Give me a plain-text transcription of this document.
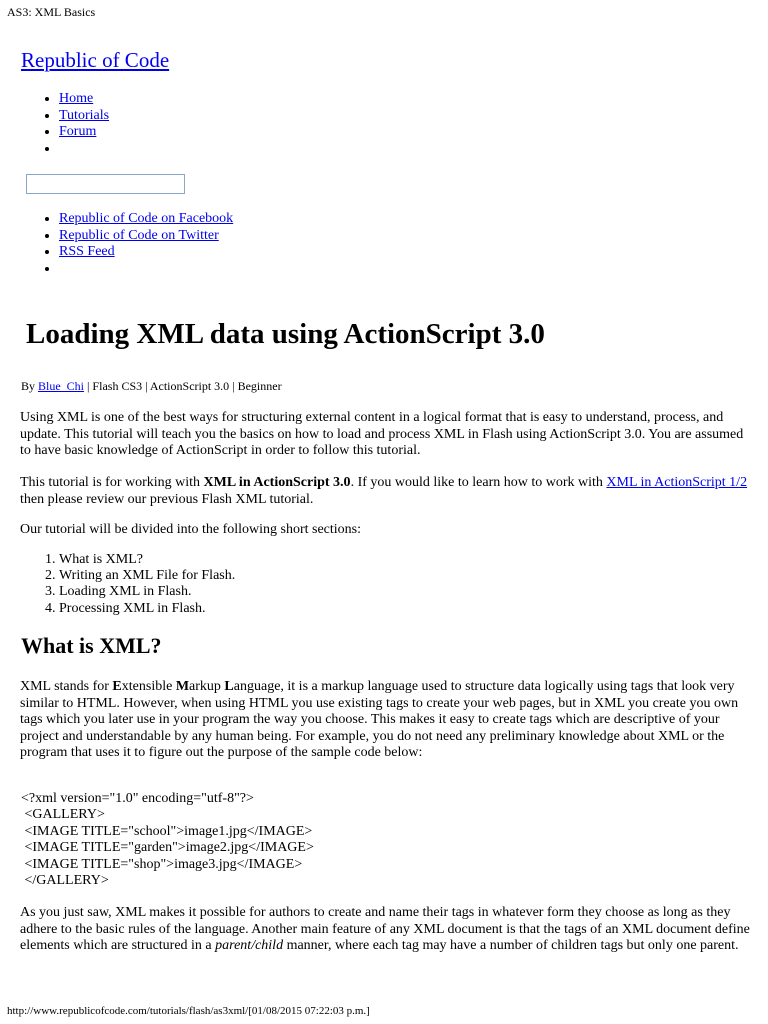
AS3: XML Basics
Republic of Code
• Home
• Tutorials
• Forum
•
• Republic of Code on Facebook
• Republic of Code on Twitter
• RSS Feed
•
Loading XML data using ActionScript 3.0
By Blue_Chi | Flash CS3 | ActionScript 3.0 | Beginner

Using XML is one of the best ways for structuring external content in a logical format that is easy to understand, process, and update. This tutorial will teach you the basics on how to load and process XML in Flash using ActionScript 3.0. You are assumed to have basic knowledge of ActionScript in order to follow this tutorial.

This tutorial is for working with XML in ActionScript 3.0. If you would like to learn how to work with XML in ActionScript 1/2 then please review our previous Flash XML tutorial.

Our tutorial will be divided into the following short sections:

1. What is XML?
2. Writing an XML File for Flash.
3. Loading XML in Flash.
4. Processing XML in Flash.
What is XML?

XML stands for Extensible Markup Language, it is a markup language used to structure data logically using tags that look very similar to HTML. However, when using HTML you use existing tags to create your web pages, but in XML you create you own tags which you later use in your program the way you choose. This makes it easy to create tags which are descriptive of your project and understandable by any human being. For example, you do not need any preliminary knowledge about XML or the program that uses it to figure out the purpose of the sample code below:

<?xml version="1.0" encoding="utf-8"?>
<GALLERY>
<IMAGE TITLE="school">image1.jpg</IMAGE>
<IMAGE TITLE="garden">image2.jpg</IMAGE>
<IMAGE TITLE="shop">image3.jpg</IMAGE>
</GALLERY>

As you just saw, XML makes it possible for authors to create and name their tags in whatever form they choose as long as they adhere to the basic rules of the language. Another main feature of any XML document is that the tags of an XML document define elements which are structured in a parent/child manner, where each tag may have a number of children tags but only one parent.

http://www.republicofcode.com/tutorials/flash/as3xml/[01/08/2015 07:22:03 p.m.]
